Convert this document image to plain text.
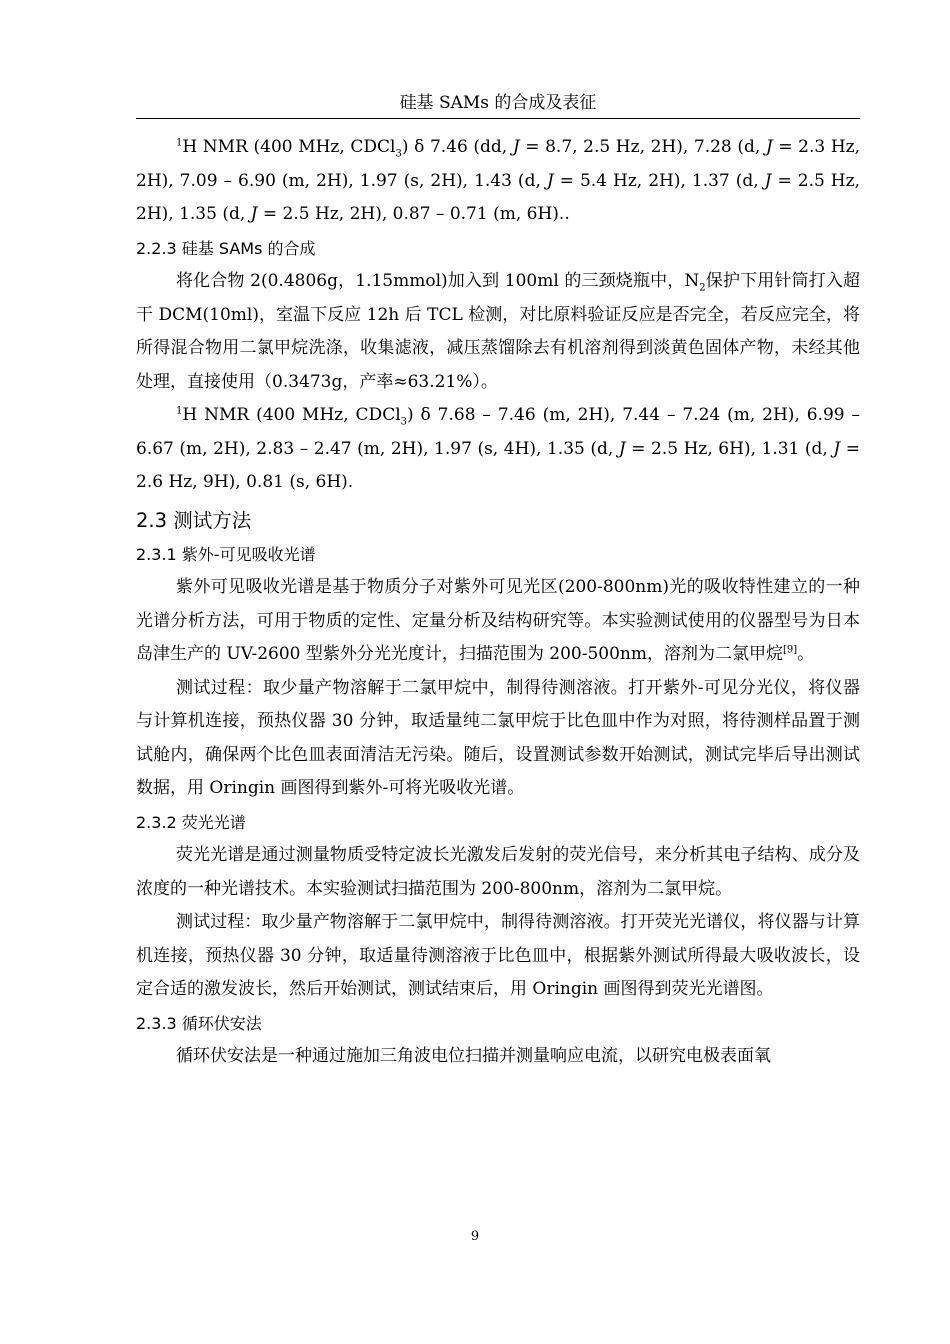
硅基 SAMs 的合成及表征

$^1$H NMR (400 MHz, CDCl$_3$) δ 7.46 (dd, J = 8.7, 2.5 Hz, 2H), 7.28 (d, J = 2.3 Hz, 2H), 7.09 – 6.90 (m, 2H), 1.97 (s, 2H), 1.43 (d, J = 5.4 Hz, 2H), 1.37 (d, J = 2.5 Hz, 2H), 1.35 (d, J = 2.5 Hz, 2H), 0.87 – 0.71 (m, 6H)..

2.2.3 硅基 SAMs 的合成

将化合物 2(0.4806g，1.15mmol)加入到 100ml 的三颈烧瓶中，$N_2$保护下用针筒打入超干 DCM(10ml)，室温下反应 12h 后 TCL 检测，对比原料验证反应是否完全，若反应完全，将所得混合物用二氯甲烷洗涤，收集滤液，减压蒸馏除去有机溶剂得到淡黄色固体产物，未经其他处理，直接使用（0.3473g，产率≈63.21%）。

$^1$H NMR (400 MHz, CDCl$_3$) δ 7.68 – 7.46 (m, 2H), 7.44 – 7.24 (m, 2H), 6.99 – 6.67 (m, 2H), 2.83 – 2.47 (m, 2H), 1.97 (s, 4H), 1.35 (d, J = 2.5 Hz, 6H), 1.31 (d, J = 2.6 Hz, 9H), 0.81 (s, 6H).

2.3 测试方法
2.3.1 紫外-可见吸收光谱

紫外可见吸收光谱是基于物质分子对紫外可见光区(200-800nm)光的吸收特性建立的一种光谱分析方法，可用于物质的定性、定量分析及结构研究等。本实验测试使用的仪器型号为日本岛津生产的 UV-2600 型紫外分光光度计，扫描范围为 200-500nm，溶剂为二氯甲烷[9]。

测试过程：取少量产物溶解于二氯甲烷中，制得待测溶液。打开紫外-可见分光仪，将仪器与计算机连接，预热仪器 30 分钟，取适量纯二氯甲烷于比色皿中作为对照，将待测样品置于测试舱内，确保两个比色皿表面清洁无污染。随后，设置测试参数开始测试，测试完毕后导出测试数据，用 Oringin 画图得到紫外-可将光吸收光谱。

2.3.2 荧光光谱

荧光光谱是通过测量物质受特定波长光激发后发射的荧光信号，来分析其电子结构、成分及浓度的一种光谱技术。本实验测试扫描范围为 200-800nm，溶剂为二氯甲烷。

测试过程：取少量产物溶解于二氯甲烷中，制得待测溶液。打开荧光光谱仪，将仪器与计算机连接，预热仪器 30 分钟，取适量待测溶液于比色皿中，根据紫外测试所得最大吸收波长，设定合适的激发波长，然后开始测试，测试结束后，用 Oringin 画图得到荧光光谱图。

2.3.3 循环伏安法

循环伏安法是一种通过施加三角波电位扫描并测量响应电流，以研究电极表面氧

9
